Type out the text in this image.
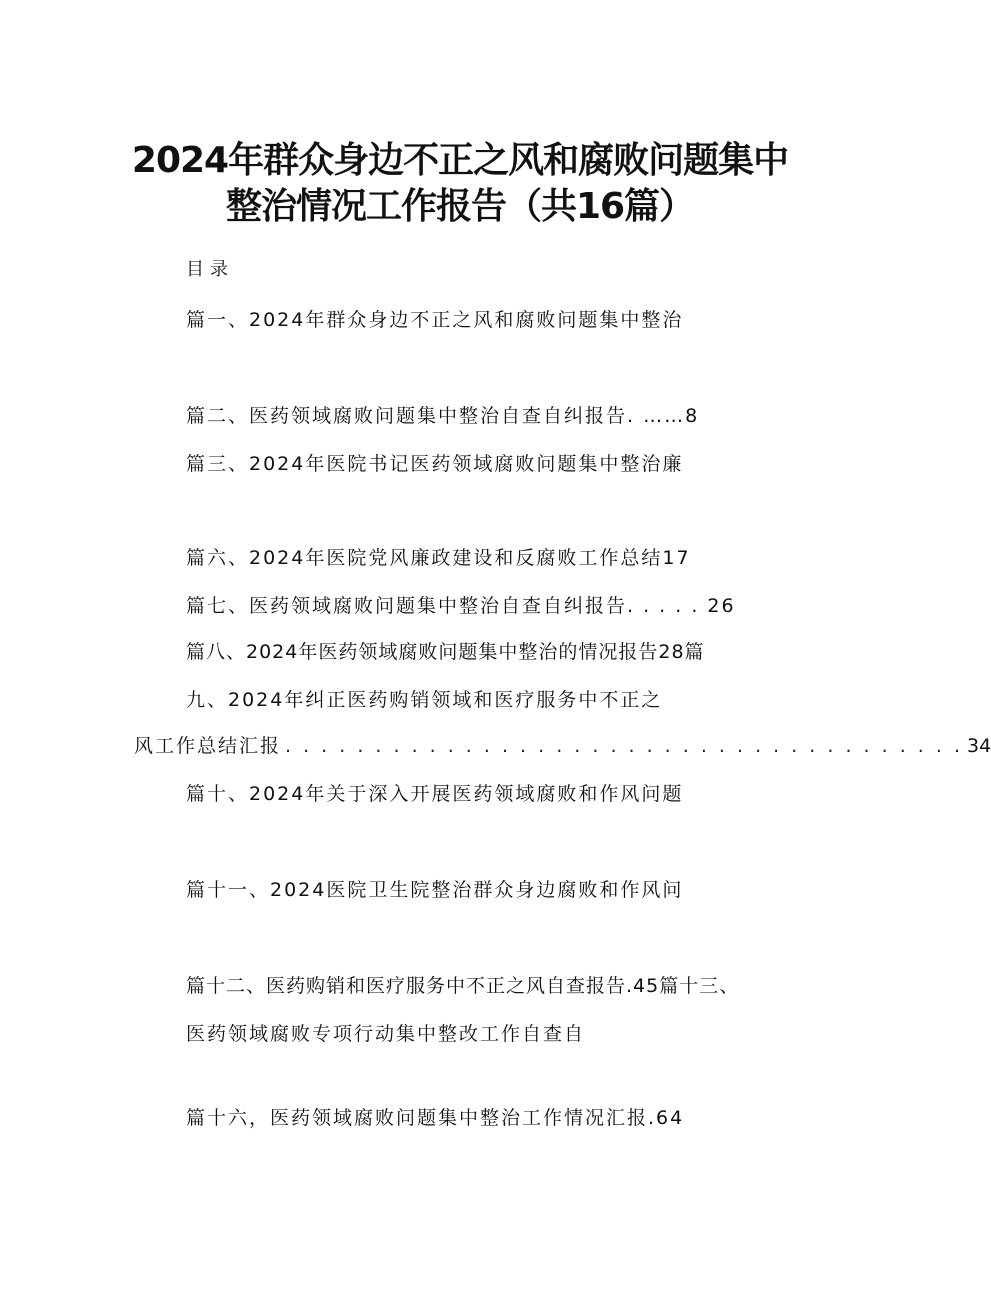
2024年群众身边不正之风和腐败问题集中
整治情况工作报告（共16篇）
目录
篇一、2024年群众身边不正之风和腐败问题集中整治
篇二、医药领域腐败问题集中整治自查自纠报告. ……8
篇三、2024年医院书记医药领域腐败问题集中整治廉
篇六、2024年医院党风廉政建设和反腐败工作总结17
篇七、医药领域腐败问题集中整治自查自纠报告. . . . . 26
篇八、2024年医药领域腐败问题集中整治的情况报告28篇
九、2024年纠正医药购销领域和医疗服务中不正之
风工作总结汇报 . . . . . . . . . . . . . . . . . . . . . . . . . . . . . . . . . . . . . . 34
篇十、2024年关于深入开展医药领域腐败和作风问题
篇十一、2024医院卫生院整治群众身边腐败和作风问
篇十二、医药购销和医疗服务中不正之风自查报告.45篇十三、
医药领域腐败专项行动集中整改工作自查自
篇十六，医药领域腐败问题集中整治工作情况汇报.64
